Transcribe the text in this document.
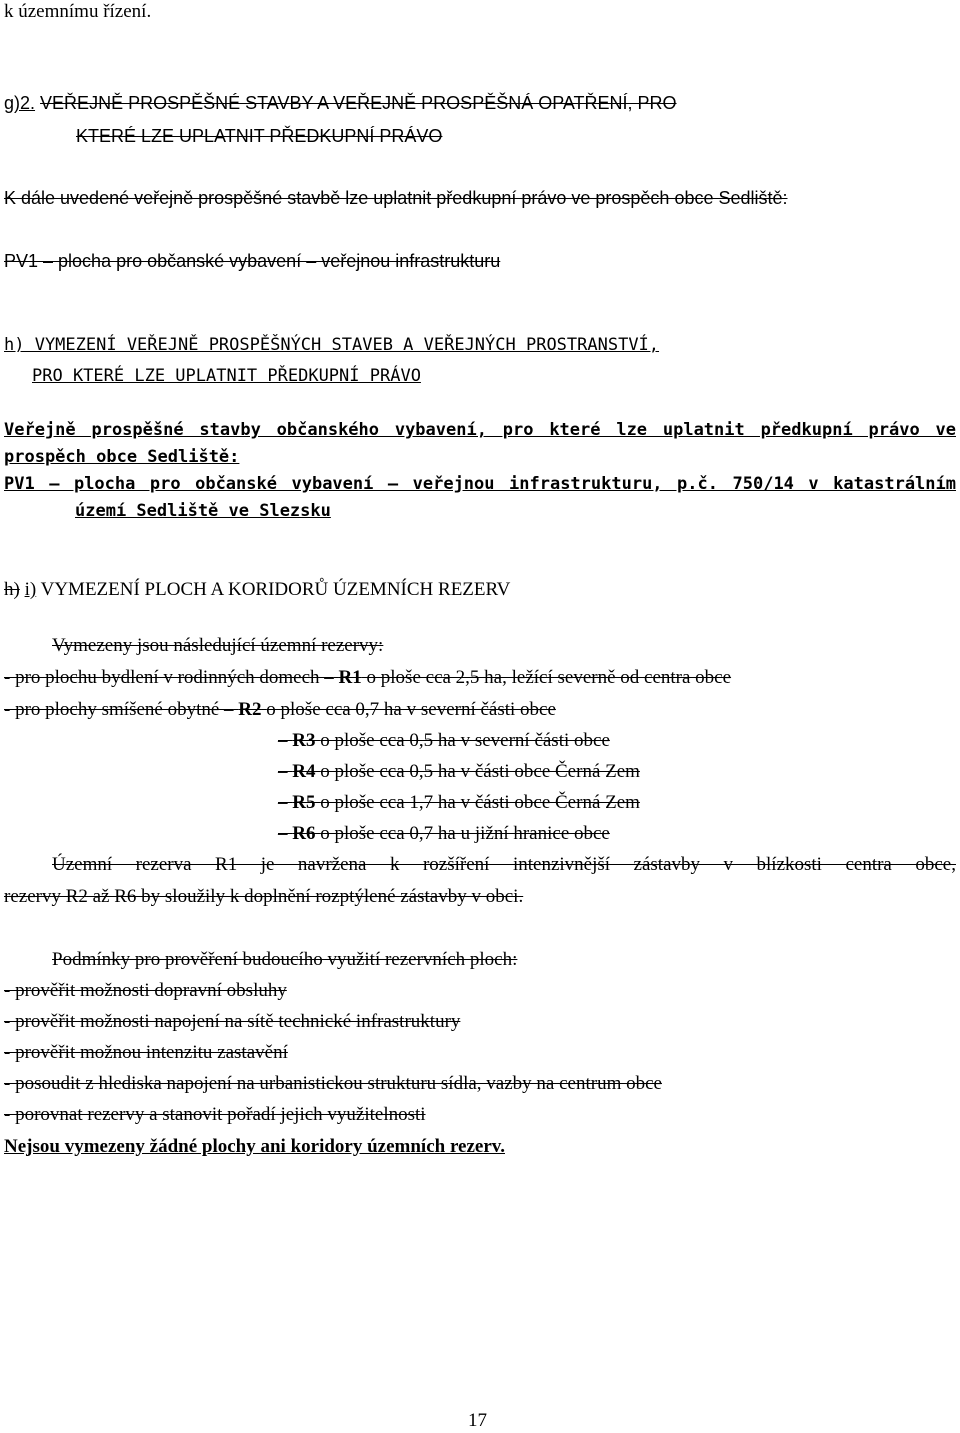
k územnímu řízení.
g)2. VEŘEJNĚ PROSPĚŠNÉ STAVBY A VEŘEJNĚ PROSPĚŠNÁ OPATŘENÍ, PRO
KTERÉ LZE UPLATNIT PŘEDKUPNÍ PRÁVO
K dále uvedené veřejně prospěšné stavbě lze uplatnit předkupní právo ve prospěch obce Sedliště:
PV1 – plocha pro občanské vybavení – veřejnou infrastrukturu
h) VYMEZENÍ VEŘEJNĚ PROSPĚŠNÝCH STAVEB A VEŘEJNÝCH PROSTRANSTVÍ,
PRO KTERÉ LZE UPLATNIT PŘEDKUPNÍ PRÁVO
Veřejně prospěšné stavby občanského vybavení, pro které lze uplatnit předkupní právo ve
prospěch obce Sedliště:
PV1 – plocha pro občanské vybavení – veřejnou infrastrukturu, p.č. 750/14 v katastrálním
území Sedliště ve Slezsku
h) i) VYMEZENÍ PLOCH A KORIDORŮ ÚZEMNÍCH REZERV
Vymezeny jsou následující územní rezervy:
- pro plochu bydlení v rodinných domech – R1 o ploše cca 2,5 ha, ležící severně od centra obce
- pro plochy smíšené obytné – R2 o ploše cca 0,7 ha v severní části obce
– R3 o ploše cca 0,5 ha v severní části obce
– R4 o ploše cca 0,5 ha v části obce Černá Zem
– R5 o ploše cca 1,7 ha v části obce Černá Zem
– R6 o ploše cca 0,7 ha u jižní hranice obce
Územní rezerva R1 je navržena k rozšíření intenzivnější zástavby v blízkosti centra obce,
rezervy R2 až R6 by sloužily k doplnění rozptýlené zástavby v obci.
Podmínky pro prověření budoucího využití rezervních ploch:
- prověřit možnosti dopravní obsluhy
- prověřit možnosti napojení na sítě technické infrastruktury
- prověřit možnou intenzitu zastavění
- posoudit z hlediska napojení na urbanistickou strukturu sídla, vazby na centrum obce
- porovnat rezervy a stanovit pořadí jejich využitelnosti
Nejsou vymezeny žádné plochy ani koridory územních rezerv.
17
